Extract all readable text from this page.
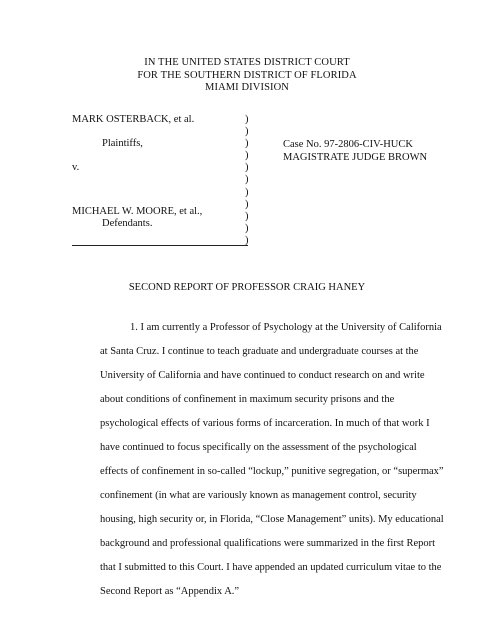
IN THE UNITED STATES DISTRICT COURT
FOR THE SOUTHERN DISTRICT OF FLORIDA
MIAMI DIVISION
MARK OSTERBACK, et al.
Plaintiffs,
v.
MICHAEL W. MOORE, et al.,
Defendants.
)
)
)
)
)
)
)
)
)
)
)
Case No. 97-2806-CIV-HUCK
MAGISTRATE JUDGE BROWN
SECOND REPORT OF PROFESSOR CRAIG HANEY
1. I am currently a Professor of Psychology at the University of California
at Santa Cruz. I continue to teach graduate and undergraduate courses at the
University of California and have continued to conduct research on and write
about conditions of confinement in maximum security prisons and the
psychological effects of various forms of incarceration. In much of that work I
have continued to focus specifically on the assessment of the psychological
effects of confinement in so-called “lockup,” punitive segregation, or “supermax”
confinement (in what are variously known as management control, security
housing, high security or, in Florida, “Close Management” units). My educational
background and professional qualifications were summarized in the first Report
that I submitted to this Court. I have appended an updated curriculum vitae to the
Second Report as “Appendix A.”
